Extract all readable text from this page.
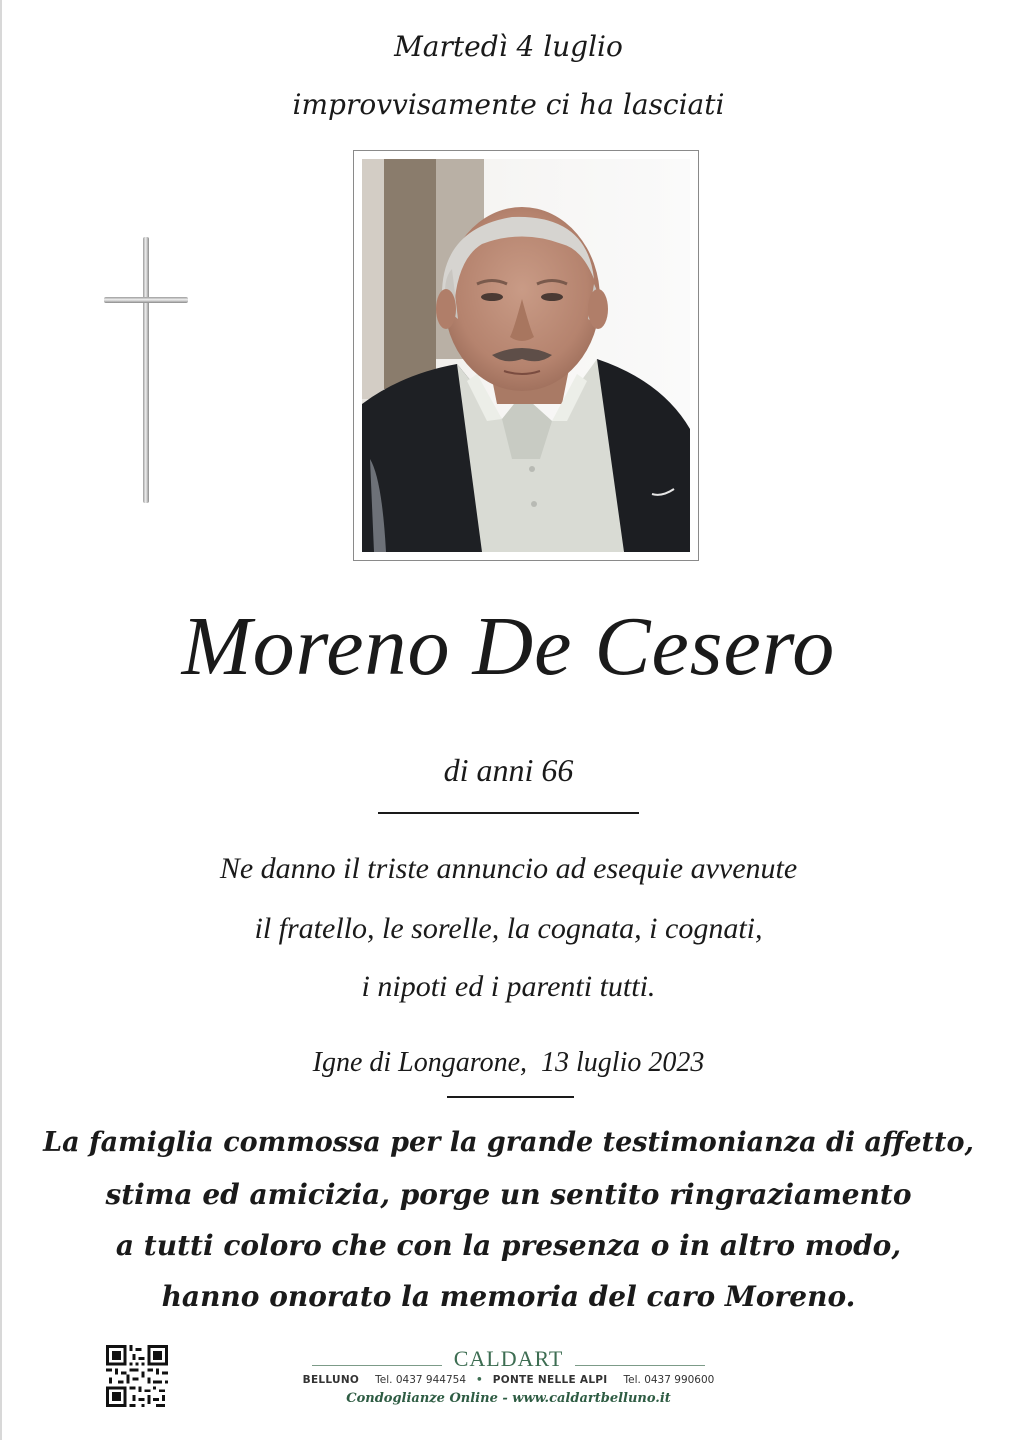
Martedì 4 luglio
improvvisamente ci ha lasciati
Moreno De Cesero
di anni 66
Ne danno il triste annuncio ad esequie avvenute
il fratello, le sorelle, la cognata, i cognati,
i nipoti ed i parenti tutti.
Igne di Longarone, 13 luglio 2023
La famiglia commossa per la grande testimonianza di affetto,
stima ed amicizia, porge un sentito ringraziamento
a tutti coloro che con la presenza o in altro modo,
hanno onorato la memoria del caro Moreno.
CALDART
BELLUNO Tel. 0437 944754 • PONTE NELLE ALPI Tel. 0437 990600
Condoglianze Online - www.caldartbelluno.it
